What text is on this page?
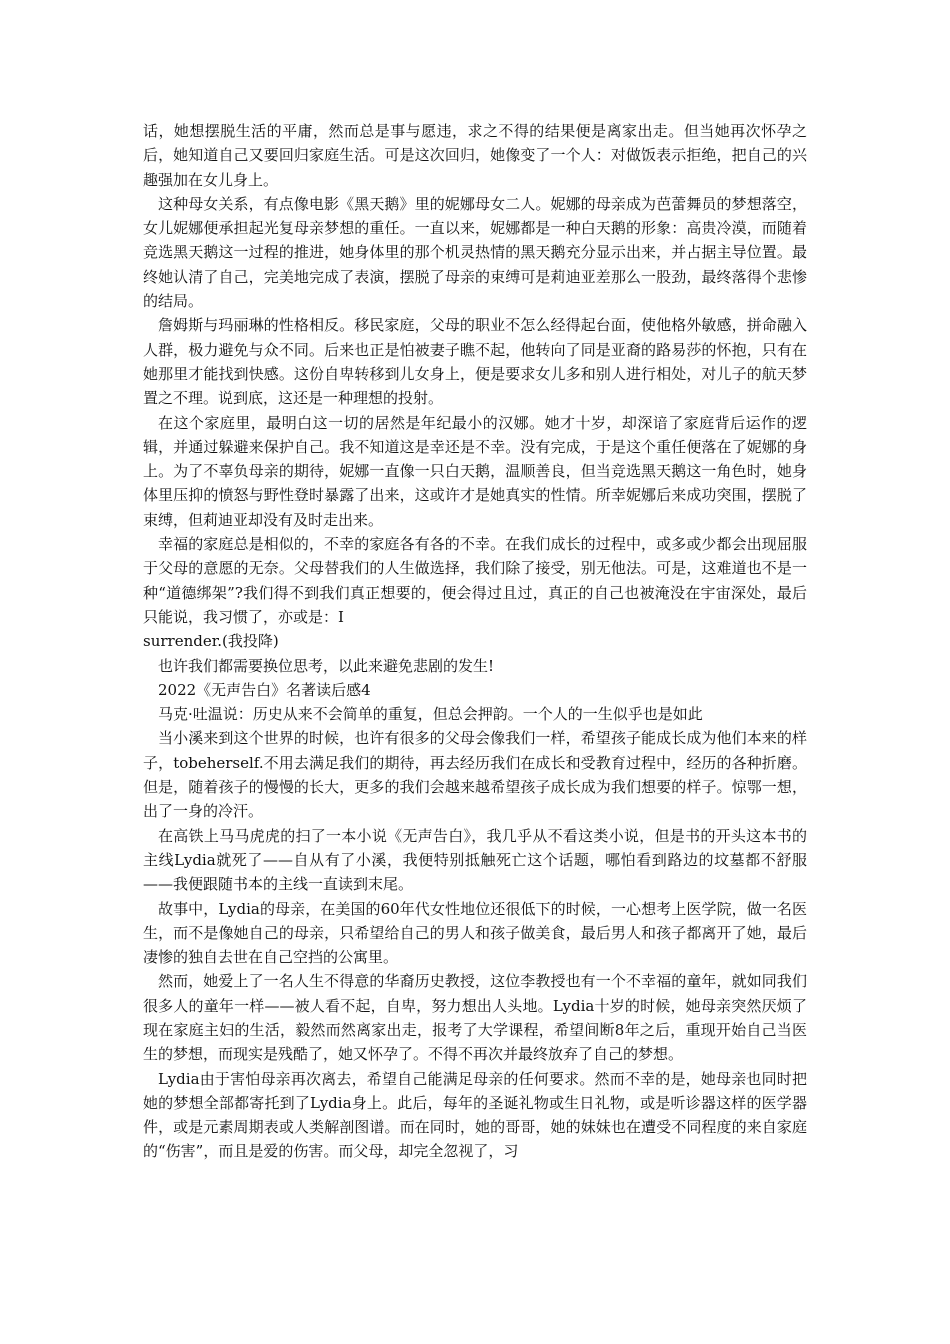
话，她想摆脱生活的平庸，然而总是事与愿违，求之不得的结果便是离家出走。但当她再次怀孕之后，她知道自己又要回归家庭生活。可是这次回归，她像变了一个人：对做饭表示拒绝，把自己的兴趣强加在女儿身上。

这种母女关系，有点像电影《黑天鹅》里的妮娜母女二人。妮娜的母亲成为芭蕾舞员的梦想落空，女儿妮娜便承担起光复母亲梦想的重任。一直以来，妮娜都是一种白天鹅的形象：高贵冷漠，而随着竞选黑天鹅这一过程的推进，她身体里的那个机灵热情的黑天鹅充分显示出来，并占据主导位置。最终她认清了自己，完美地完成了表演，摆脱了母亲的束缚可是莉迪亚差那么一股劲，最终落得个悲惨的结局。

詹姆斯与玛丽琳的性格相反。移民家庭，父母的职业不怎么经得起台面，使他格外敏感，拼命融入人群，极力避免与众不同。后来也正是怕被妻子瞧不起，他转向了同是亚裔的路易莎的怀抱，只有在她那里才能找到快感。这份自卑转移到儿女身上，便是要求女儿多和别人进行相处，对儿子的航天梦置之不理。说到底，这还是一种理想的投射。

在这个家庭里，最明白这一切的居然是年纪最小的汉娜。她才十岁，却深谙了家庭背后运作的逻辑，并通过躲避来保护自己。我不知道这是幸还是不幸。没有完成，于是这个重任便落在了妮娜的身上。为了不辜负母亲的期待，妮娜一直像一只白天鹅，温顺善良，但当竞选黑天鹅这一角色时，她身体里压抑的愤怒与野性登时暴露了出来，这或许才是她真实的性情。所幸妮娜后来成功突围，摆脱了束缚，但莉迪亚却没有及时走出来。

幸福的家庭总是相似的，不幸的家庭各有各的不幸。在我们成长的过程中，或多或少都会出现屈服于父母的意愿的无奈。父母替我们的人生做选择，我们除了接受，别无他法。可是，这难道也不是一种“道德绑架”?我们得不到我们真正想要的，便会得过且过，真正的自己也被淹没在宇宙深处，最后只能说，我习惯了，亦或是：I

surrender.(我投降)

也许我们都需要换位思考，以此来避免悲剧的发生!

2022《无声告白》名著读后感4

马克·吐温说：历史从来不会简单的重复，但总会押韵。一个人的一生似乎也是如此

当小溪来到这个世界的时候，也许有很多的父母会像我们一样，希望孩子能成长成为他们本来的样子，tobeherself.不用去满足我们的期待，再去经历我们在成长和受教育过程中，经历的各种折磨。但是，随着孩子的慢慢的长大，更多的我们会越来越希望孩子成长成为我们想要的样子。惊鄂一想，出了一身的冷汗。

在高铁上马马虎虎的扫了一本小说《无声告白》，我几乎从不看这类小说，但是书的开头这本书的主线Lydia就死了——自从有了小溪，我便特别抵触死亡这个话题，哪怕看到路边的坟墓都不舒服——我便跟随书本的主线一直读到末尾。

故事中，Lydia的母亲，在美国的60年代女性地位还很低下的时候，一心想考上医学院，做一名医生，而不是像她自己的母亲，只希望给自己的男人和孩子做美食，最后男人和孩子都离开了她，最后凄惨的独自去世在自己空挡的公寓里。

然而，她爱上了一名人生不得意的华裔历史教授，这位李教授也有一个不幸福的童年，就如同我们很多人的童年一样——被人看不起，自卑，努力想出人头地。Lydia十岁的时候，她母亲突然厌烦了现在家庭主妇的生活，毅然而然离家出走，报考了大学课程，希望间断8年之后，重现开始自己当医生的梦想，而现实是残酷了，她又怀孕了。不得不再次并最终放弃了自己的梦想。

Lydia由于害怕母亲再次离去，希望自己能满足母亲的任何要求。然而不幸的是，她母亲也同时把她的梦想全部都寄托到了Lydia身上。此后，每年的圣诞礼物或生日礼物，或是听诊器这样的医学器件，或是元素周期表或人类解剖图谱。而在同时，她的哥哥，她的妹妹也在遭受不同程度的来自家庭的“伤害”，而且是爱的伤害。而父母，却完全忽视了，习
